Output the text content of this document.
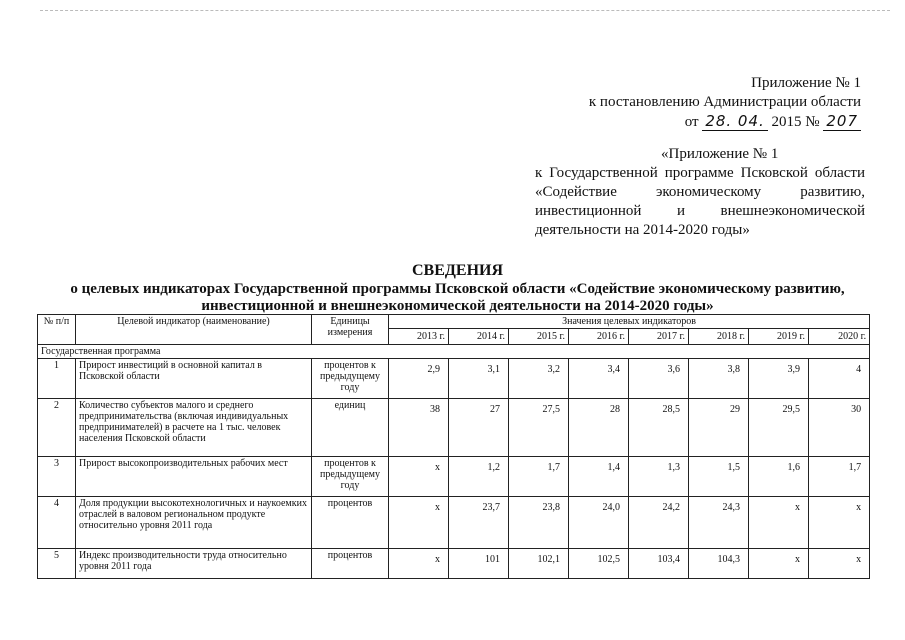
Приложение № 1
к постановлению Администрации области
от 28. 04. 2015 № 207
«Приложение № 1
к Государственной программе Псковской области «Содействие экономическому развитию, инвестиционной и внешнеэкономической деятельности на 2014-2020 годы»
СВЕДЕНИЯ
о целевых индикаторах Государственной программы Псковской области «Содействие экономическому развитию,
инвестиционной и внешнеэкономической деятельности на 2014-2020 годы»
№ п/п	Целевой индикатор (наименование)	Единицы измерения	Значения целевых индикаторов							
			2013 г.	2014 г.	2015 г.	2016 г.	2017 г.	2018 г.	2019 г.	2020 г.
Государственная программа										
1	Прирост инвестиций в основной капитал в Псковской области	процентов к предыдущему году	2,9	3,1	3,2	3,4	3,6	3,8	3,9	4
2	Количество субъектов малого и среднего предпринимательства (включая индивидуальных предпринимателей) в расчете на 1 тыс. человек населения Псковской области	единиц	38	27	27,5	28	28,5	29	29,5	30
3	Прирост высокопроизводительных рабочих мест	процентов к предыдущему году	х	1,2	1,7	1,4	1,3	1,5	1,6	1,7
4	Доля продукции высокотехнологичных и наукоемких отраслей в валовом региональном продукте относительно уровня 2011 года	процентов	х	23,7	23,8	24,0	24,2	24,3	х	х
5	Индекс производительности труда относительно уровня 2011 года	процентов	х	101	102,1	102,5	103,4	104,3	х	х
